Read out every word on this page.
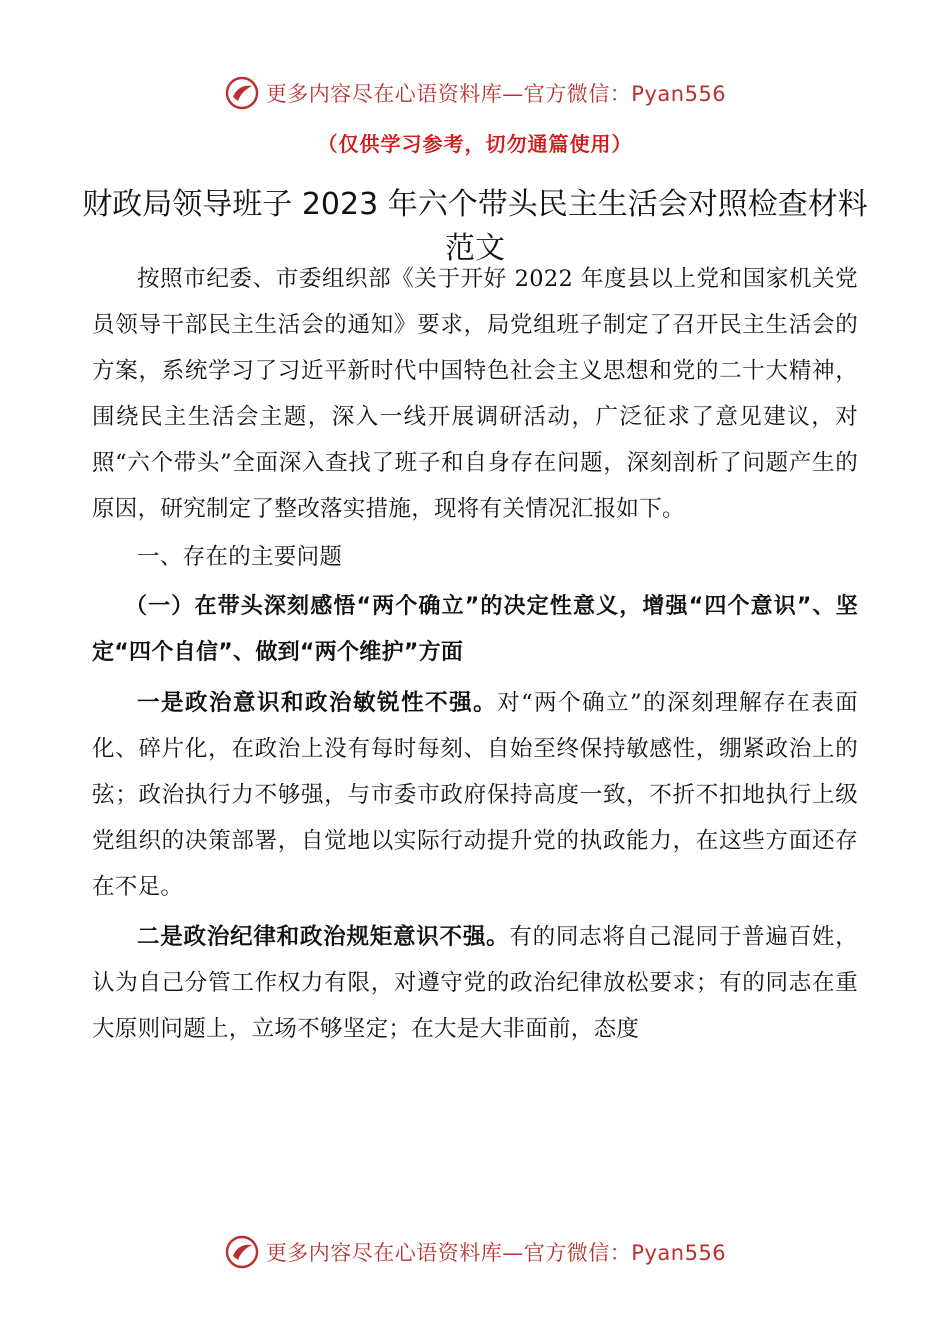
更多内容尽在心语资料库—官方微信：Pyan556
（仅供学习参考，切勿通篇使用）
财政局领导班子 2023 年六个带头民主生活会对照检查材料范文

按照市纪委、市委组织部《关于开好 2022 年度县以上党和国家机关党员领导干部民主生活会的通知》要求，局党组班子制定了召开民主生活会的方案，系统学习了习近平新时代中国特色社会主义思想和党的二十大精神，围绕民主生活会主题，深入一线开展调研活动，广泛征求了意见建议，对照“六个带头”全面深入查找了班子和自身存在问题，深刻剖析了问题产生的原因，研究制定了整改落实措施，现将有关情况汇报如下。

一、存在的主要问题

（一）在带头深刻感悟“两个确立”的决定性意义，增强“四个意识”、坚定“四个自信”、做到“两个维护”方面

一是政治意识和政治敏锐性不强。对“两个确立”的深刻理解存在表面化、碎片化，在政治上没有每时每刻、自始至终保持敏感性，绷紧政治上的弦；政治执行力不够强，与市委市政府保持高度一致，不折不扣地执行上级党组织的决策部署，自觉地以实际行动提升党的执政能力，在这些方面还存在不足。

二是政治纪律和政治规矩意识不强。有的同志将自己混同于普遍百姓，认为自己分管工作权力有限，对遵守党的政治纪律放松要求；有的同志在重大原则问题上，立场不够坚定；在大是大非面前，态度

更多内容尽在心语资料库—官方微信：Pyan556
